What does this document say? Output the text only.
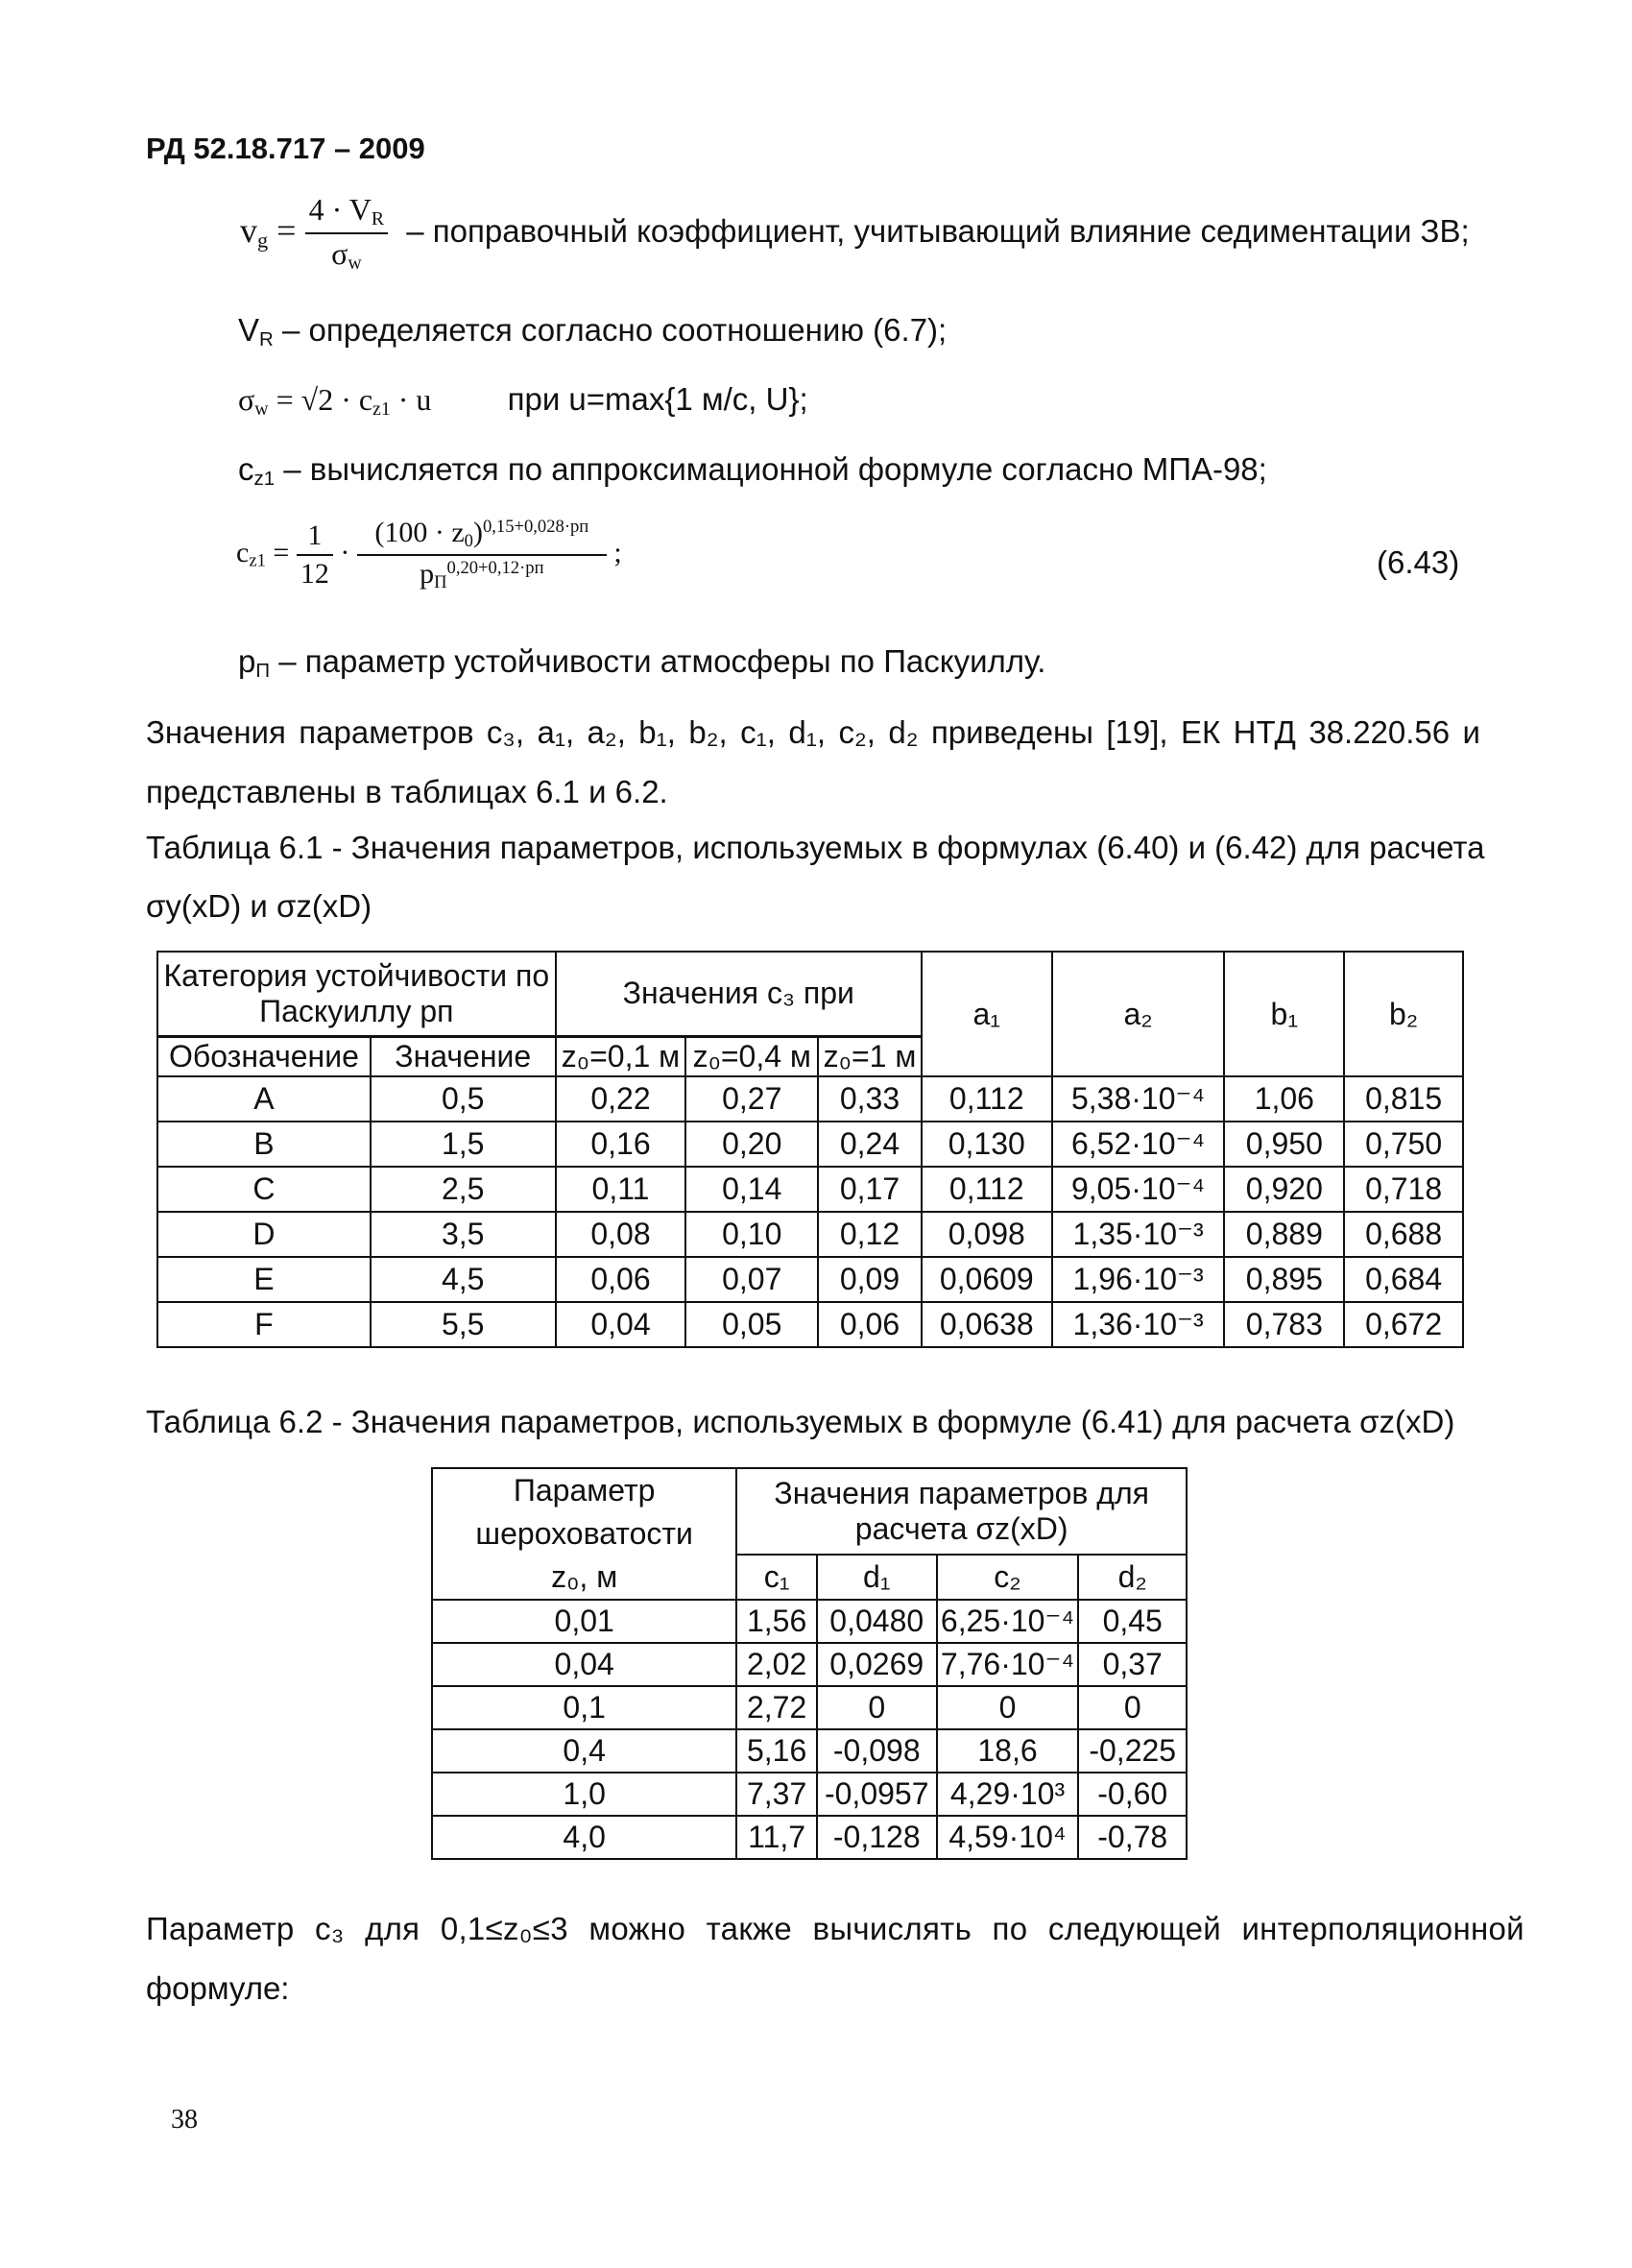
РД 52.18.717 – 2009
$v_g = \frac{4 \cdot V_R}{\sigma_w}$ – поправочный коэффициент, учитывающий влияние седиментации ЗВ;
$V_R$ – определяется согласно соотношению (6.7);
$\sigma_w = √2 \cdot c_{z1} \cdot u$ при u=max{1 м/с, U};
$c_{z1}$ – вычисляется по аппроксимационной формуле согласно МПА-98;
$c_{z1} = \frac{1}{12} \cdot \frac{(100 \cdot z_0)^{0,15+0,028\cdot pп}}{p_П^{0,20+0,12\cdot pп}}$ ;	(6.43)
$p_П$ – параметр устойчивости атмосферы по Паскуиллу.
Значения параметров c₃, a₁, a₂, b₁, b₂, c₁, d₁, c₂, d₂ приведены [19], ЕК НТД 38.220.56 и представлены в таблицах 6.1 и 6.2.
Таблица 6.1 - Значения параметров, используемых в формулах (6.40) и (6.42) для расчета
σy(xD) и σz(xD)
Категория устойчивости по Паскуиллу pп		Значения c₃ при			a₁	a₂	b₁	b₂
Обозначение	Значение	z₀=0,1 м	z₀=0,4 м	z₀=1 м				
A	0,5	0,22	0,27	0,33	0,112	5,38·10⁻⁴	1,06	0,815
B	1,5	0,16	0,20	0,24	0,130	6,52·10⁻⁴	0,950	0,750
C	2,5	0,11	0,14	0,17	0,112	9,05·10⁻⁴	0,920	0,718
D	3,5	0,08	0,10	0,12	0,098	1,35·10⁻³	0,889	0,688
E	4,5	0,06	0,07	0,09	0,0609	1,96·10⁻³	0,895	0,684
F	5,5	0,04	0,05	0,06	0,0638	1,36·10⁻³	0,783	0,672
Таблица 6.2 - Значения параметров, используемых в формуле (6.41) для расчета σz(xD)
Параметр шероховатости z₀, м	Значения параметров для расчета σz(xD)			
	c₁	d₁	c₂	d₂
0,01	1,56	0,0480	6,25·10⁻⁴	0,45
0,04	2,02	0,0269	7,76·10⁻⁴	0,37
0,1	2,72	0	0	0
0,4	5,16	-0,098	18,6	-0,225
1,0	7,37	-0,0957	4,29·10³	-0,60
4,0	11,7	-0,128	4,59·10⁴	-0,78
Параметр c₃ для 0,1≤z₀≤3 можно также вычислять по следующей интерполяционной
формуле:
38
